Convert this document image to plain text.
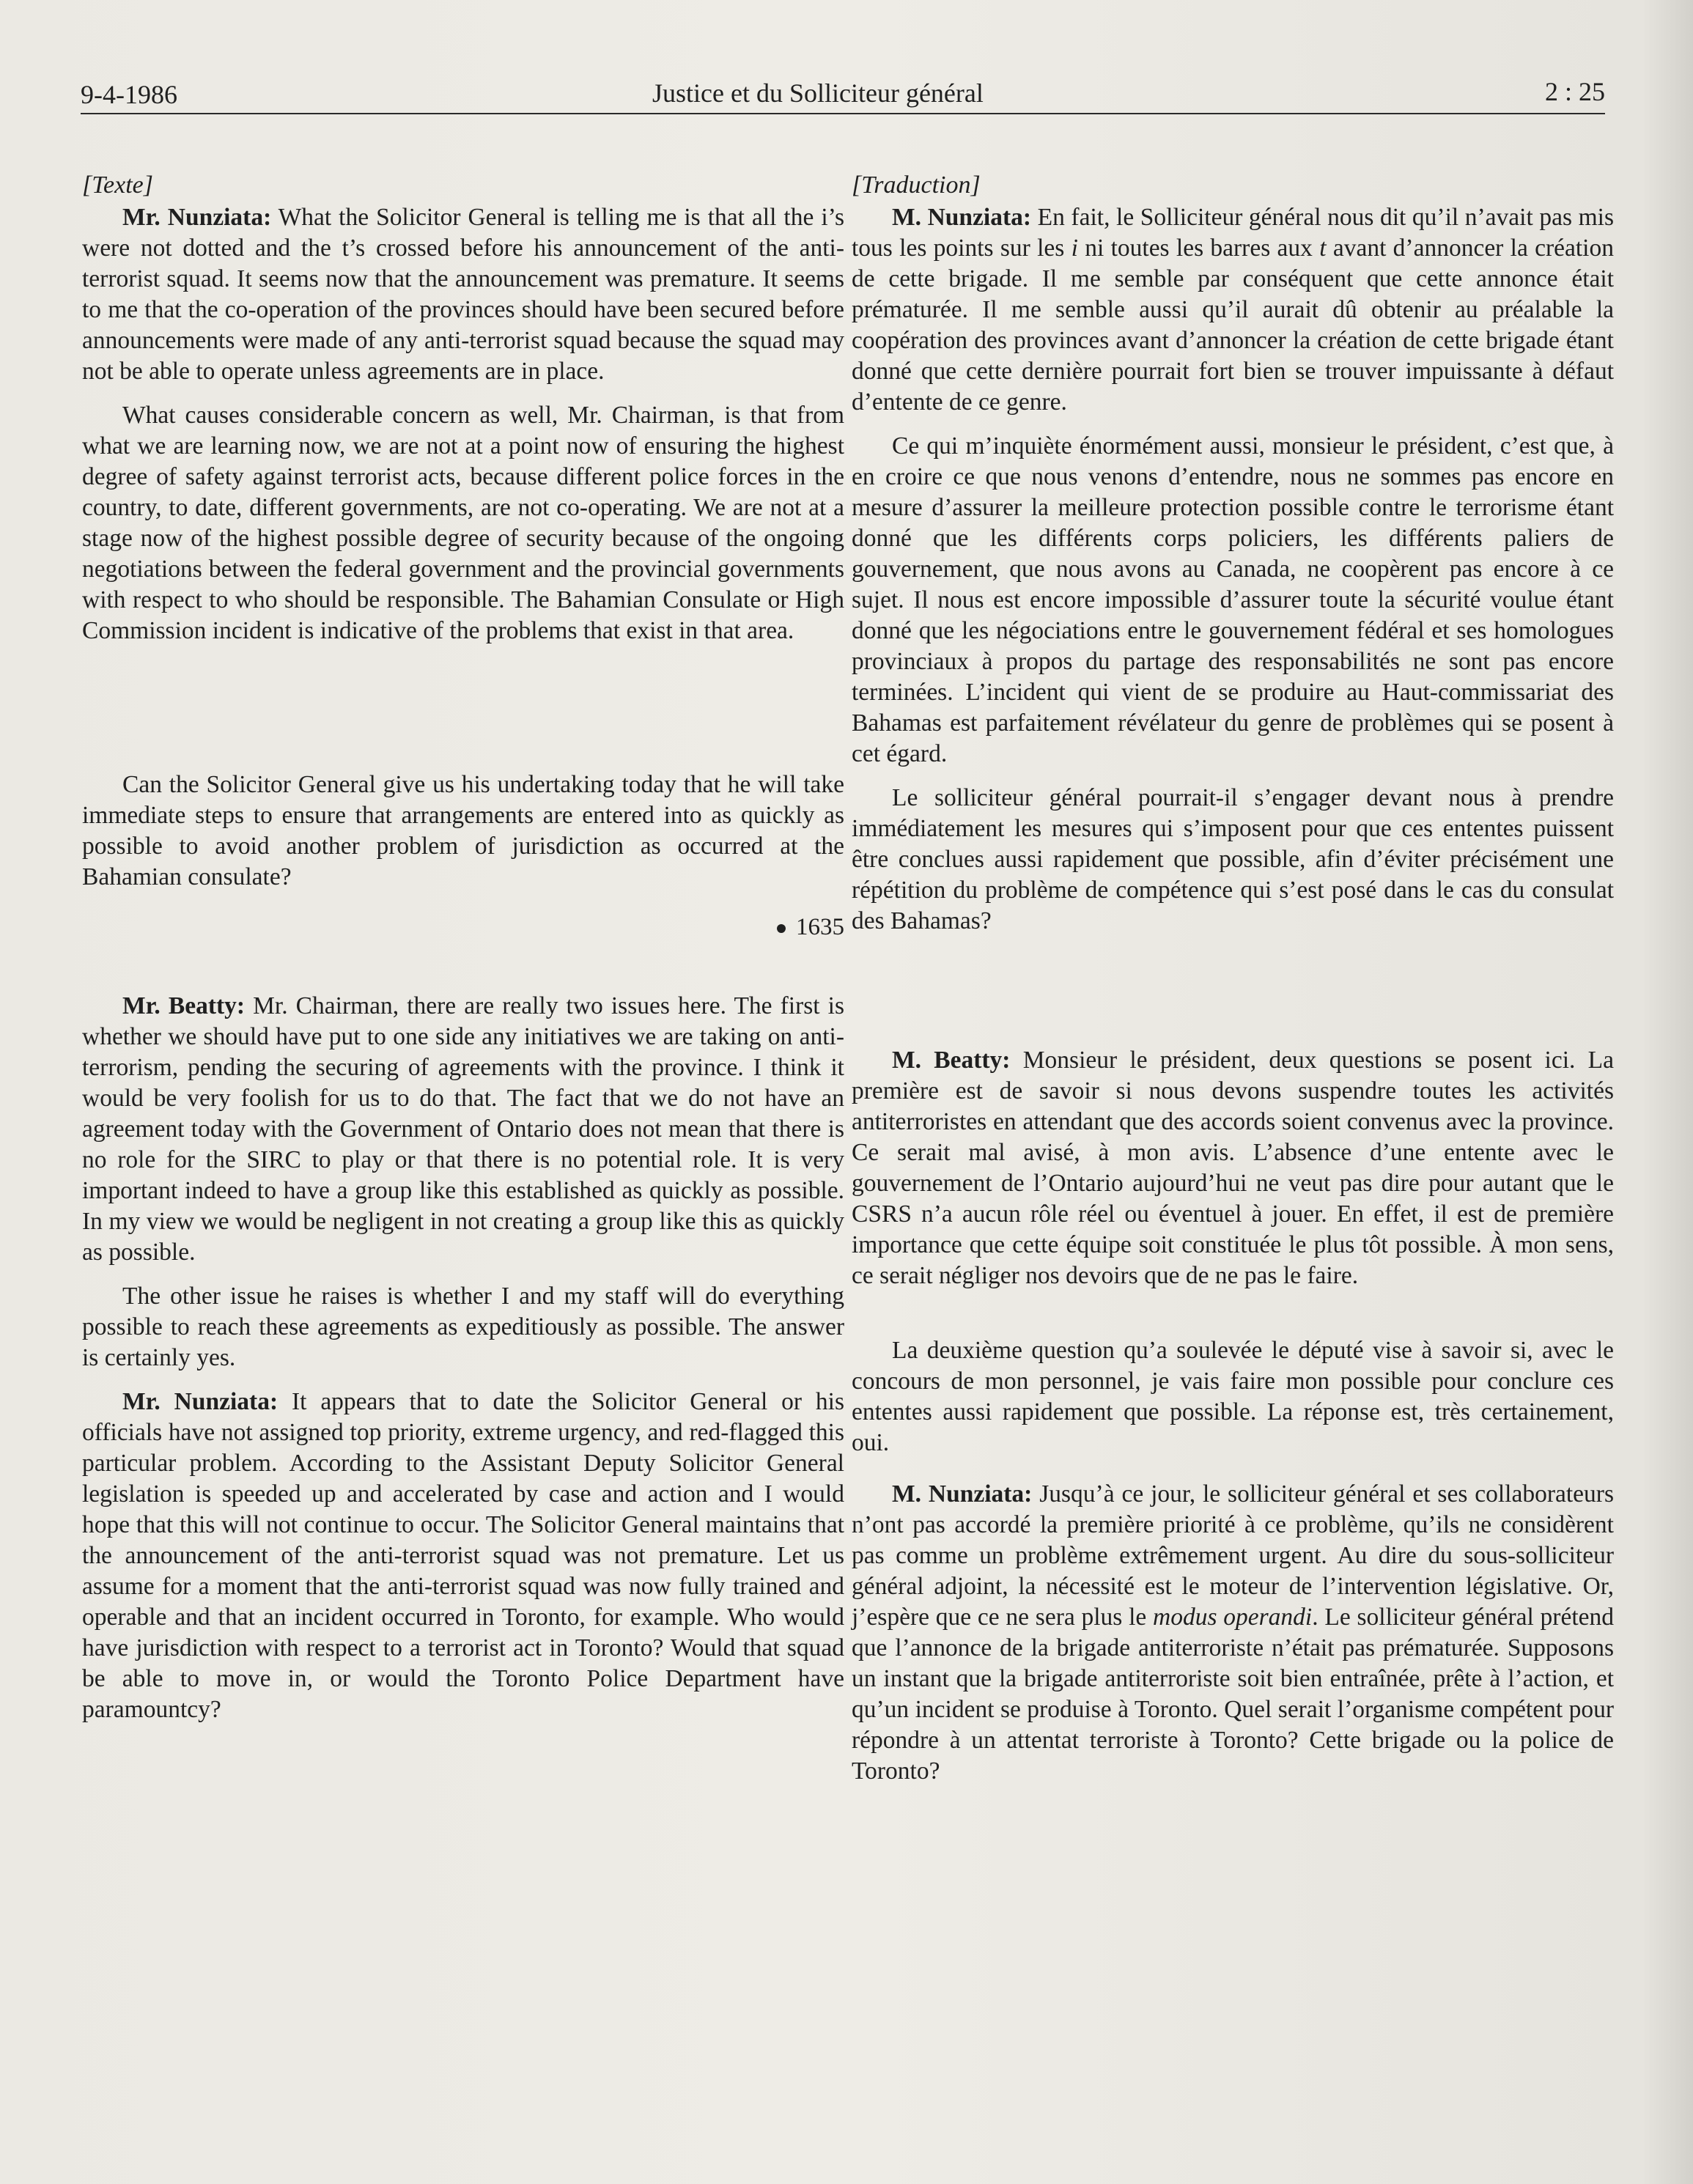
9-4-1986	Justice et du Solliciteur général	2 : 25
[Texte]

Mr. Nunziata: What the Solicitor General is telling me is that all the i’s were not dotted and the t’s crossed before his announcement of the anti-terrorist squad. It seems now that the announcement was premature. It seems to me that the co-operation of the provinces should have been secured before announcements were made of any anti-terrorist squad because the squad may not be able to operate unless agreements are in place.

What causes considerable concern as well, Mr. Chairman, is that from what we are learning now, we are not at a point now of ensuring the highest degree of safety against terrorist acts, because different police forces in the country, to date, different governments, are not co-operating. We are not at a stage now of the highest possible degree of security because of the ongoing negotiations between the federal government and the provincial governments with respect to who should be responsible. The Bahamian Consulate or High Commission incident is indicative of the problems that exist in that area.

Can the Solicitor General give us his undertaking today that he will take immediate steps to ensure that arrangements are entered into as quickly as possible to avoid another problem of jurisdiction as occurred at the Bahamian consulate?

1635

Mr. Beatty: Mr. Chairman, there are really two issues here. The first is whether we should have put to one side any initiatives we are taking on anti-terrorism, pending the securing of agreements with the province. I think it would be very foolish for us to do that. The fact that we do not have an agreement today with the Government of Ontario does not mean that there is no role for the SIRC to play or that there is no potential role. It is very important indeed to have a group like this established as quickly as possible. In my view we would be negligent in not creating a group like this as quickly as possible.

The other issue he raises is whether I and my staff will do everything possible to reach these agreements as expeditiously as possible. The answer is certainly yes.

Mr. Nunziata: It appears that to date the Solicitor General or his officials have not assigned top priority, extreme urgency, and red-flagged this particular problem. According to the Assistant Deputy Solicitor General legislation is speeded up and accelerated by case and action and I would hope that this will not continue to occur. The Solicitor General maintains that the announcement of the anti-terrorist squad was not premature. Let us assume for a moment that the anti-terrorist squad was now fully trained and operable and that an incident occurred in Toronto, for example. Who would have jurisdiction with respect to a terrorist act in Toronto? Would that squad be able to move in, or would the Toronto Police Department have paramountcy?

[Traduction]

M. Nunziata: En fait, le Solliciteur général nous dit qu’il n’avait pas mis tous les points sur les i ni toutes les barres aux t avant d’annoncer la création de cette brigade. Il me semble par conséquent que cette annonce était prématurée. Il me semble aussi qu’il aurait dû obtenir au préalable la coopération des provinces avant d’annoncer la création de cette brigade étant donné que cette dernière pourrait fort bien se trouver impuissante à défaut d’entente de ce genre.

Ce qui m’inquiète énormément aussi, monsieur le président, c’est que, à en croire ce que nous venons d’entendre, nous ne sommes pas encore en mesure d’assurer la meilleure protection possible contre le terrorisme étant donné que les différents corps policiers, les différents paliers de gouvernement, que nous avons au Canada, ne coopèrent pas encore à ce sujet. Il nous est encore impossible d’assurer toute la sécurité voulue étant donné que les négociations entre le gouvernement fédéral et ses homologues provinciaux à propos du partage des responsabilités ne sont pas encore terminées. L’incident qui vient de se produire au Haut-commissariat des Bahamas est parfaitement révélateur du genre de problèmes qui se posent à cet égard.

Le solliciteur général pourrait-il s’engager devant nous à prendre immédiatement les mesures qui s’imposent pour que ces ententes puissent être conclues aussi rapidement que possible, afin d’éviter précisément une répétition du problème de compétence qui s’est posé dans le cas du consulat des Bahamas?

M. Beatty: Monsieur le président, deux questions se posent ici. La première est de savoir si nous devons suspendre toutes les activités antiterroristes en attendant que des accords soient convenus avec la province. Ce serait mal avisé, à mon avis. L’absence d’une entente avec le gouvernement de l’Ontario aujourd’hui ne veut pas dire pour autant que le CSRS n’a aucun rôle réel ou éventuel à jouer. En effet, il est de première importance que cette équipe soit constituée le plus tôt possible. À mon sens, ce serait négliger nos devoirs que de ne pas le faire.

La deuxième question qu’a soulevée le député vise à savoir si, avec le concours de mon personnel, je vais faire mon possible pour conclure ces ententes aussi rapidement que possible. La réponse est, très certainement, oui.

M. Nunziata: Jusqu’à ce jour, le solliciteur général et ses collaborateurs n’ont pas accordé la première priorité à ce problème, qu’ils ne considèrent pas comme un problème extrêmement urgent. Au dire du sous-solliciteur général adjoint, la nécessité est le moteur de l’intervention législative. Or, j’espère que ce ne sera plus le modus operandi. Le solliciteur général prétend que l’annonce de la brigade antiterroriste n’était pas prématurée. Supposons un instant que la brigade antiterroriste soit bien entraînée, prête à l’action, et qu’un incident se produise à Toronto. Quel serait l’organisme compétent pour répondre à un attentat terroriste à Toronto? Cette brigade ou la police de Toronto?
